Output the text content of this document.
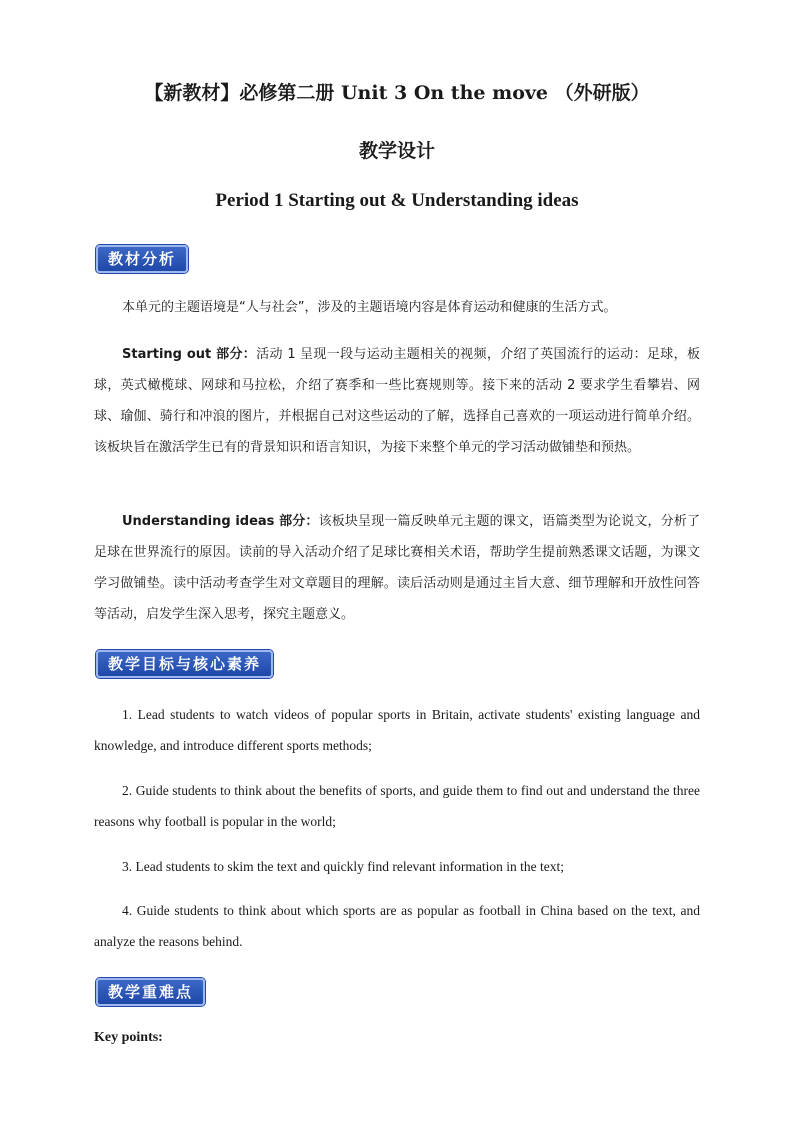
【新教材】必修第二册 Unit 3 On the move （外研版）
教学设计
Period 1 Starting out & Understanding ideas
教材分析

本单元的主题语境是“人与社会”，涉及的主题语境内容是体育运动和健康的生活方式。

Starting out 部分：活动 1 呈现一段与运动主题相关的视频，介绍了英国流行的运动：足球，板球，英式橄榄球、网球和马拉松，介绍了赛季和一些比赛规则等。接下来的活动 2 要求学生看攀岩、网球、瑜伽、骑行和冲浪的图片，并根据自己对这些运动的了解，选择自己喜欢的一项运动进行简单介绍。该板块旨在激活学生已有的背景知识和语言知识，为接下来整个单元的学习活动做铺垫和预热。

Understanding ideas 部分：该板块呈现一篇反映单元主题的课文，语篇类型为论说文，分析了足球在世界流行的原因。读前的导入活动介绍了足球比赛相关术语，帮助学生提前熟悉课文话题，为课文学习做铺垫。读中活动考查学生对文章题目的理解。读后活动则是通过主旨大意、细节理解和开放性问答等活动，启发学生深入思考，探究主题意义。

教学目标与核心素养

1. Lead students to watch videos of popular sports in Britain, activate students' existing language and knowledge, and introduce different sports methods;

2. Guide students to think about the benefits of sports, and guide them to find out and understand the three reasons why football is popular in the world;

3. Lead students to skim the text and quickly find relevant information in the text;

4. Guide students to think about which sports are as popular as football in China based on the text, and analyze the reasons behind.

教学重难点
Key points:
